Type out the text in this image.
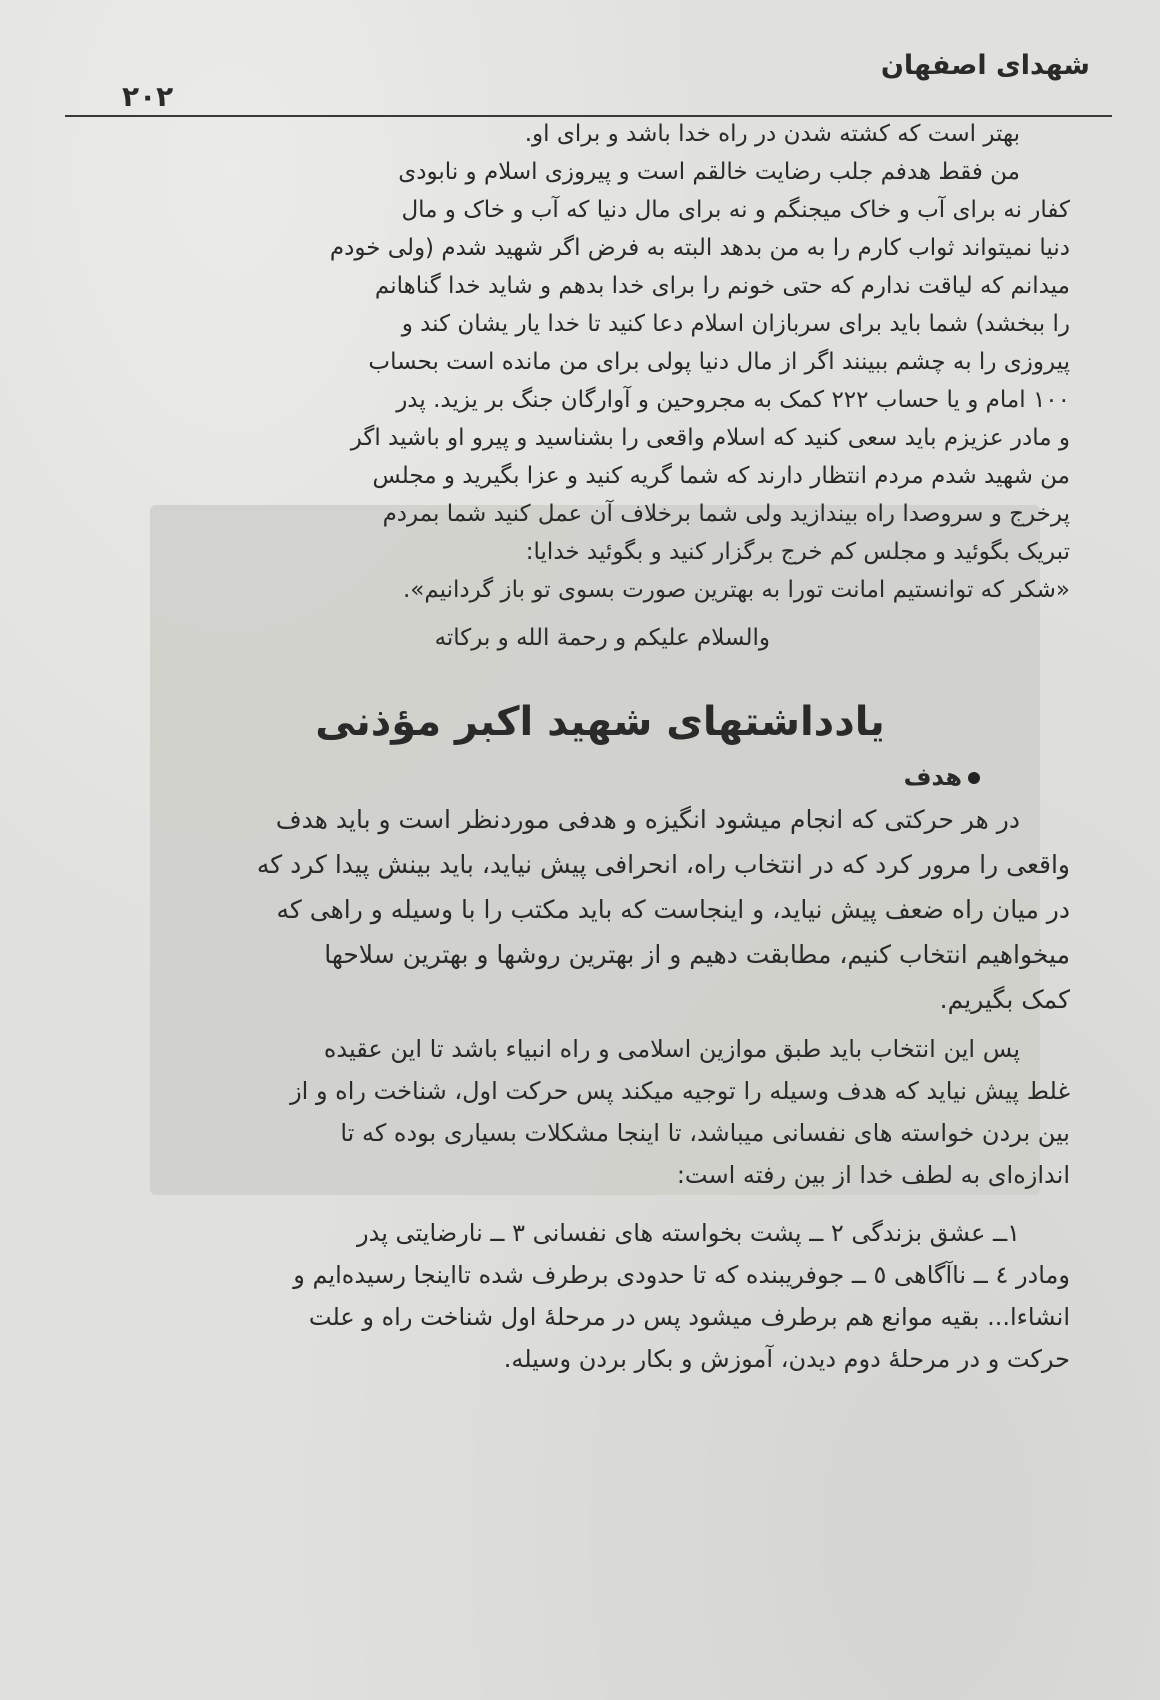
شهدای اصفهان
۲۰۲
بهتر است که کشته شدن در راه خدا باشد و برای او.
من فقط هدفم جلب رضایت خالقم است و پیروزی اسلام و نابودی
کفار نه برای آب و خاک میجنگم و نه برای مال دنیا که آب و خاک و مال
دنیا نمیتواند ثواب کارم را به من بدهد البته به فرض اگر شهید شدم (ولی خودم
میدانم که لیاقت ندارم که حتی خونم را برای خدا بدهم و شاید خدا گناهانم
را ببخشد) شما باید برای سربازان اسلام دعا کنید تا خدا یار یشان کند و
پیروزی را به چشم ببینند اگر از مال دنیا پولی برای من مانده است بحساب
۱۰۰ امام و یا حساب ۲۲۲ کمک به مجروحین و آوارگان جنگ بر یزید. پدر
و مادر عزیزم باید سعی کنید که اسلام واقعی را بشناسید و پیرو او باشید اگر
من شهید شدم مردم انتظار دارند که شما گریه کنید و عزا بگیرید و مجلس
پرخرج و سروصدا راه بیندازید ولی شما برخلاف آن عمل کنید شما بمردم
تبریک بگوئید و مجلس کم خرج برگزار کنید و بگوئید خدایا:
«شکر که توانستیم امانت تورا به بهترین صورت بسوی تو باز گردانیم».
والسلام علیکم و رحمة الله و برکاته
یادداشتهای شهید اکبر مؤذنی
هدف
در هر حرکتی که انجام میشود انگیزه و هدفی موردنظر است و باید هدف
واقعی را مرور کرد که در انتخاب راه، انحرافی پیش نیاید، باید بینش پیدا کرد که
در میان راه ضعف پیش نیاید، و اینجاست که باید مکتب را با وسیله و راهی که
میخواهیم انتخاب کنیم، مطابقت دهیم و از بهترین روشها و بهترین سلاحها
کمک بگیریم.
پس این انتخاب باید طبق موازین اسلامی و راه انبیاء باشد تا این عقیده
غلط پیش نیاید که هدف وسیله را توجیه میکند پس حرکت اول، شناخت راه و از
بین بردن خواسته های نفسانی میباشد، تا اینجا مشکلات بسیاری بوده که تا
اندازه‌ای به لطف خدا از بین رفته است:
۱ــ عشق بزندگی ۲ ــ پشت بخواسته های نفسانی ۳ ــ نارضایتی پدر
ومادر ٤ ــ ناآگاهی ٥ ــ جوفریبنده که تا حدودی برطرف شده تااینجا رسیده‌ایم و
انشاءا... بقیه موانع هم برطرف میشود پس در مرحلهٔ اول شناخت راه و علت
حرکت و در مرحلهٔ دوم دیدن، آموزش و بکار بردن وسیله.
